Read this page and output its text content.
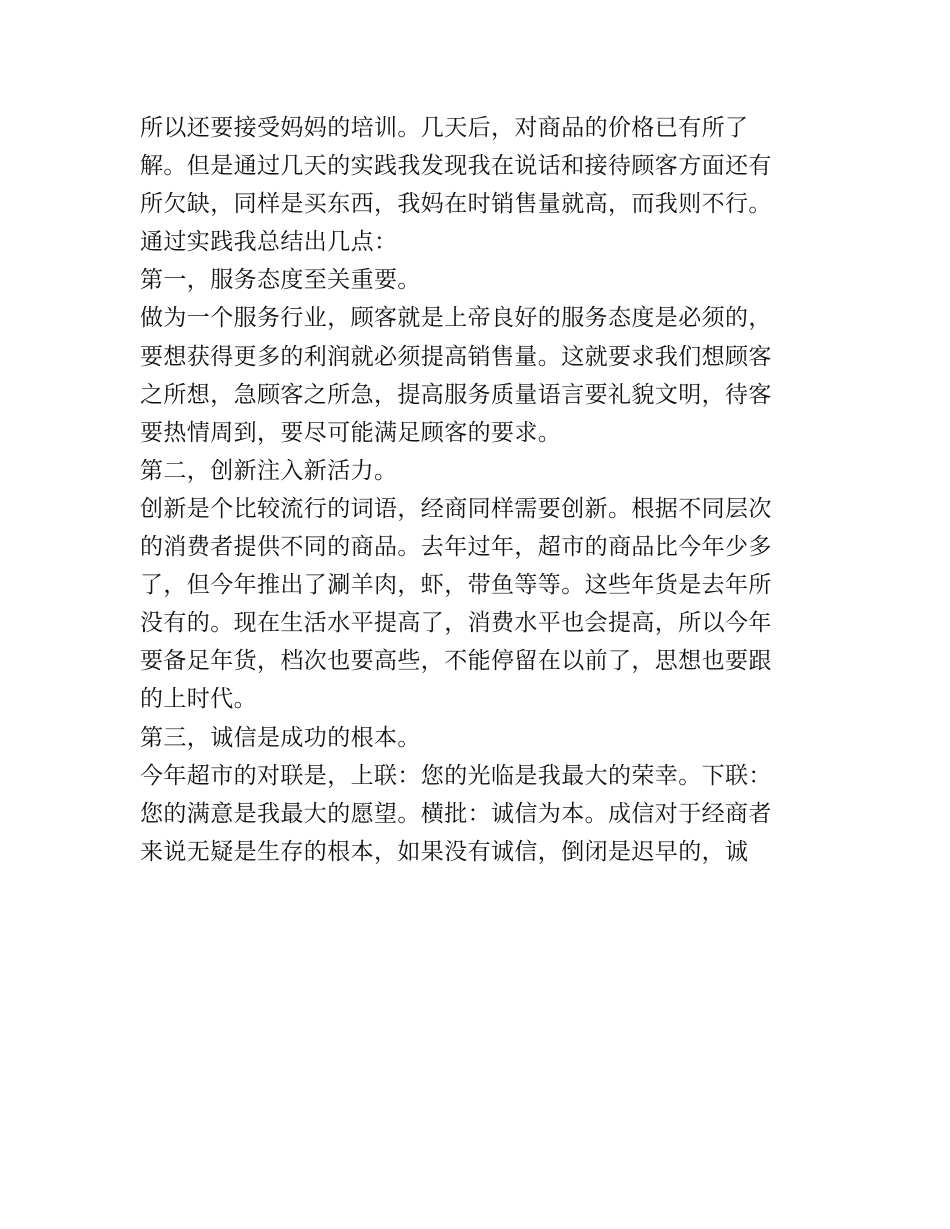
所以还要接受妈妈的培训。几天后，对商品的价格已有所了
解。但是通过几天的实践我发现我在说话和接待顾客方面还有
所欠缺，同样是买东西，我妈在时销售量就高，而我则不行。
通过实践我总结出几点：
第一，服务态度至关重要。
做为一个服务行业，顾客就是上帝良好的服务态度是必须的，
要想获得更多的利润就必须提高销售量。这就要求我们想顾客
之所想，急顾客之所急，提高服务质量语言要礼貌文明，待客
要热情周到，要尽可能满足顾客的要求。
第二，创新注入新活力。
创新是个比较流行的词语，经商同样需要创新。根据不同层次
的消费者提供不同的商品。去年过年，超市的商品比今年少多
了，但今年推出了涮羊肉，虾，带鱼等等。这些年货是去年所
没有的。现在生活水平提高了，消费水平也会提高，所以今年
要备足年货，档次也要高些，不能停留在以前了，思想也要跟
的上时代。
第三，诚信是成功的根本。
今年超市的对联是，上联：您的光临是我最大的荣幸。下联：
您的满意是我最大的愿望。横批：诚信为本。成信对于经商者
来说无疑是生存的根本，如果没有诚信，倒闭是迟早的，诚
